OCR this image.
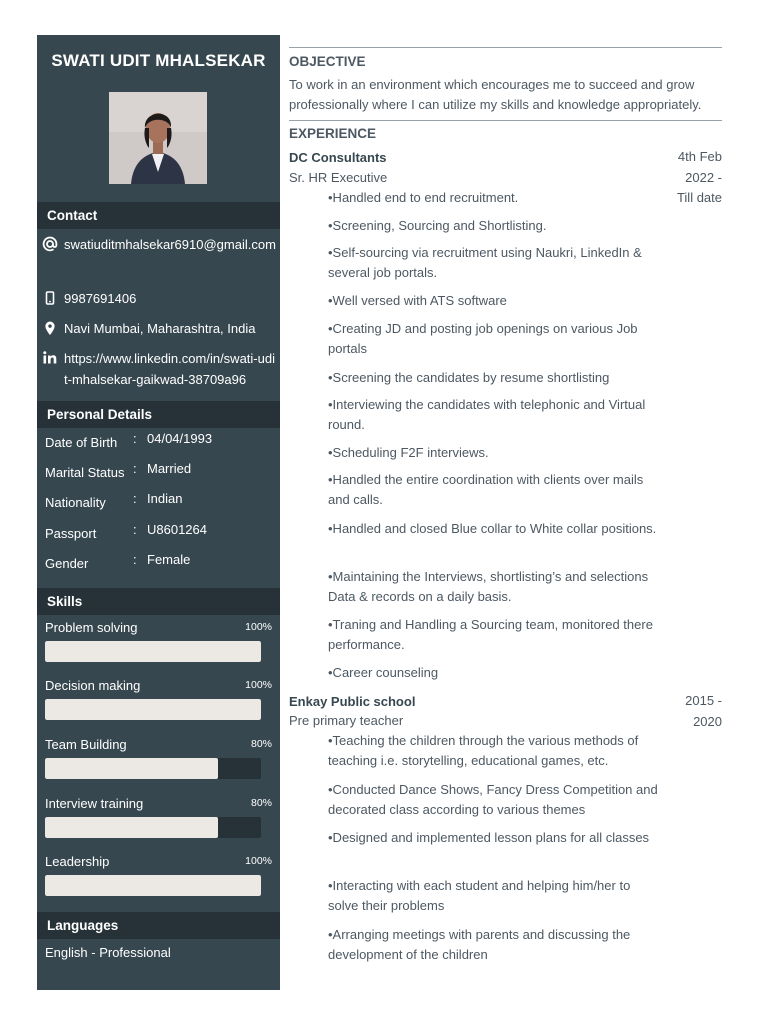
SWATI UDIT MHALSEKAR
Contact
swatiuditmhalsekar6910@gmail.com
9987691406
Navi Mumbai, Maharashtra, India
https://www.linkedin.com/in/swati-udit-mhalsekar-gaikwad-38709a96
Personal Details
Date of Birth : 04/04/1993
Marital Status : Married
Nationality : Indian
Passport	: U8601264
Gender	: Female
Skills
Problem solving	100%
Decision making	100%
Team Building	80%
Interview training	80%
Leadership	100%
Languages
English - Professional
OBJECTIVE
To work in an environment which encourages me to succeed and grow professionally where I can utilize my skills and knowledge appropriately.
EXPERIENCE
DC Consultants
Sr. HR Executive
4th Feb
2022 -
Till date
•Handled end to end recruitment.
•Screening, Sourcing and Shortlisting.
•Self-sourcing via recruitment using Naukri, LinkedIn & several job portals.
•Well versed with ATS software
•Creating JD and posting job openings on various Job portals
•Screening the candidates by resume shortlisting
•Interviewing the candidates with telephonic and Virtual round.
•Scheduling F2F interviews.
•Handled the entire coordination with clients over mails and calls.
•Handled and closed Blue collar to White collar positions.
•Maintaining the Interviews, shortlisting’s and selections Data & records on a daily basis.
•Traning and Handling a Sourcing team, monitored there performance.
•Career counseling
Enkay Public school
Pre primary teacher
2015 -
2020
•Teaching the children through the various methods of teaching i.e. storytelling, educational games, etc.
•Conducted Dance Shows, Fancy Dress Competition and decorated class according to various themes
•Designed and implemented lesson plans for all classes
•Interacting with each student and helping him/her to solve their problems
•Arranging meetings with parents and discussing the development of the children
